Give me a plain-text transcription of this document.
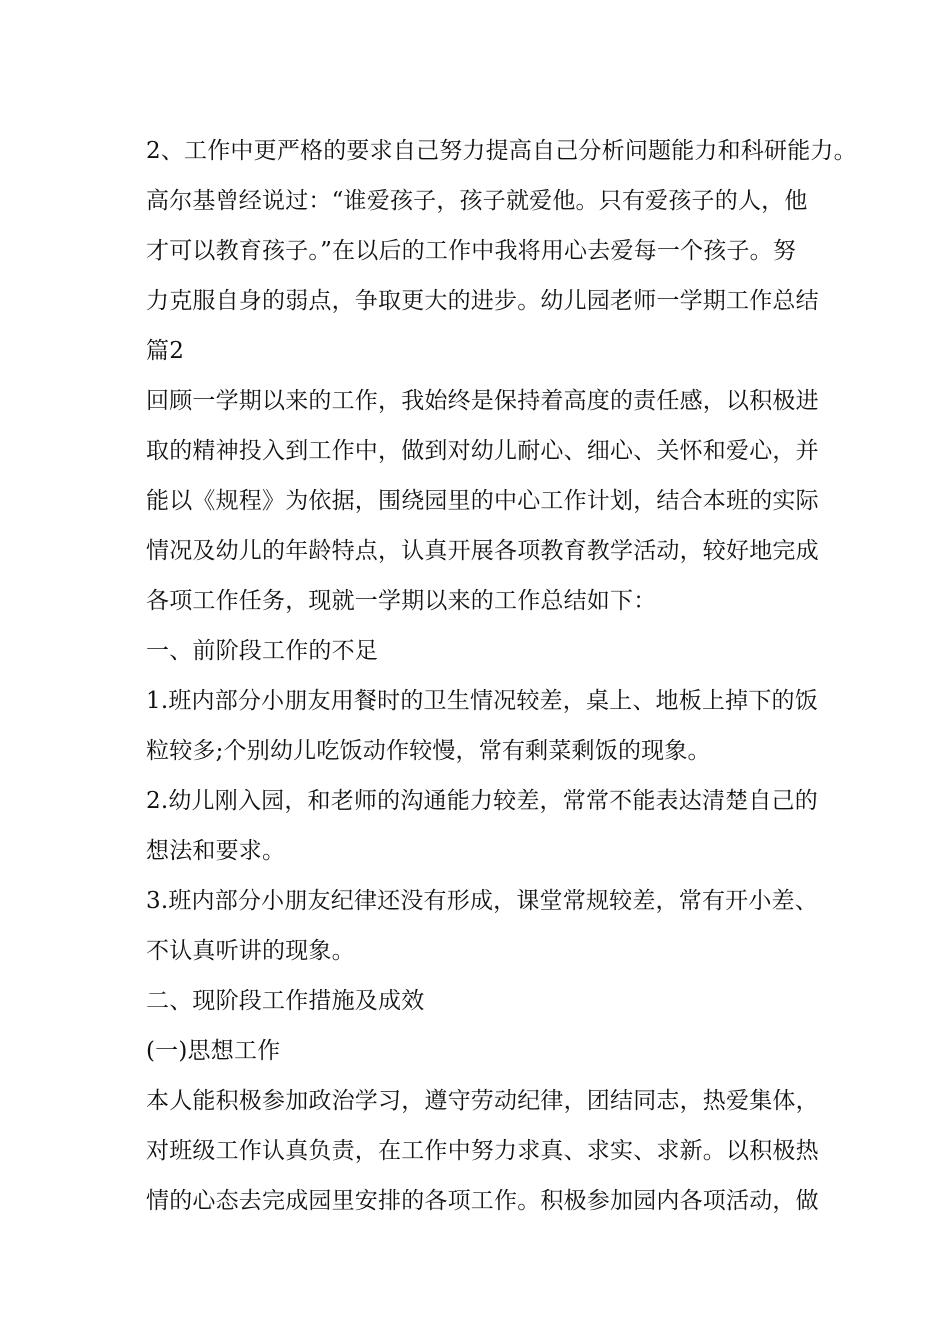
2、工作中更严格的要求自己努力提高自己分析问题能力和科研能力。
高尔基曾经说过：“谁爱孩子，孩子就爱他。只有爱孩子的人，他
才可以教育孩子。”在以后的工作中我将用心去爱每一个孩子。努
力克服自身的弱点，争取更大的进步。幼儿园老师一学期工作总结
篇2
回顾一学期以来的工作，我始终是保持着高度的责任感，以积极进
取的精神投入到工作中，做到对幼儿耐心、细心、关怀和爱心，并
能以《规程》为依据，围绕园里的中心工作计划，结合本班的实际
情况及幼儿的年龄特点，认真开展各项教育教学活动，较好地完成
各项工作任务，现就一学期以来的工作总结如下：
一、前阶段工作的不足
1.班内部分小朋友用餐时的卫生情况较差，桌上、地板上掉下的饭
粒较多;个别幼儿吃饭动作较慢，常有剩菜剩饭的现象。
2.幼儿刚入园，和老师的沟通能力较差，常常不能表达清楚自己的
想法和要求。
3.班内部分小朋友纪律还没有形成，课堂常规较差，常有开小差、
不认真听讲的现象。
二、现阶段工作措施及成效
(一)思想工作
本人能积极参加政治学习，遵守劳动纪律，团结同志，热爱集体，
对班级工作认真负责，在工作中努力求真、求实、求新。以积极热
情的心态去完成园里安排的各项工作。积极参加园内各项活动，做
